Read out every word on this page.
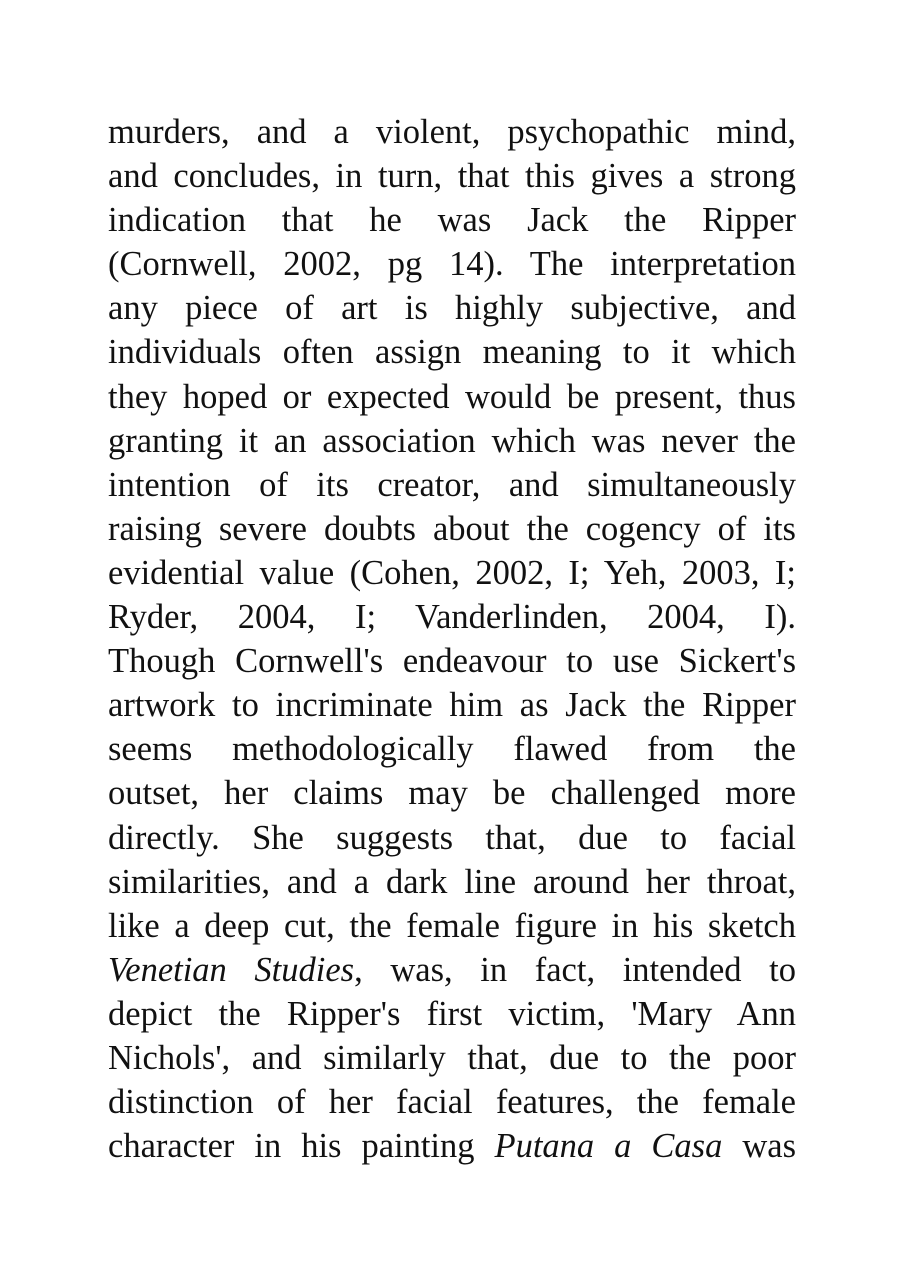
murders, and a violent, psychopathic mind,
and concludes, in turn, that this gives a strong
indication that he was Jack the Ripper
(Cornwell, 2002, pg 14). The interpretation
any piece of art is highly subjective, and
individuals often assign meaning to it which
they hoped or expected would be present, thus
granting it an association which was never the
intention of its creator, and simultaneously
raising severe doubts about the cogency of its
evidential value (Cohen, 2002, I; Yeh, 2003, I;
Ryder, 2004, I; Vanderlinden, 2004, I).
Though Cornwell's endeavour to use Sickert's
artwork to incriminate him as Jack the Ripper
seems methodologically flawed from the
outset, her claims may be challenged more
directly. She suggests that, due to facial
similarities, and a dark line around her throat,
like a deep cut, the female figure in his sketch
Venetian Studies, was, in fact, intended to
depict the Ripper's first victim, 'Mary Ann
Nichols', and similarly that, due to the poor
distinction of her facial features, the female
character in his painting Putana a Casa was
